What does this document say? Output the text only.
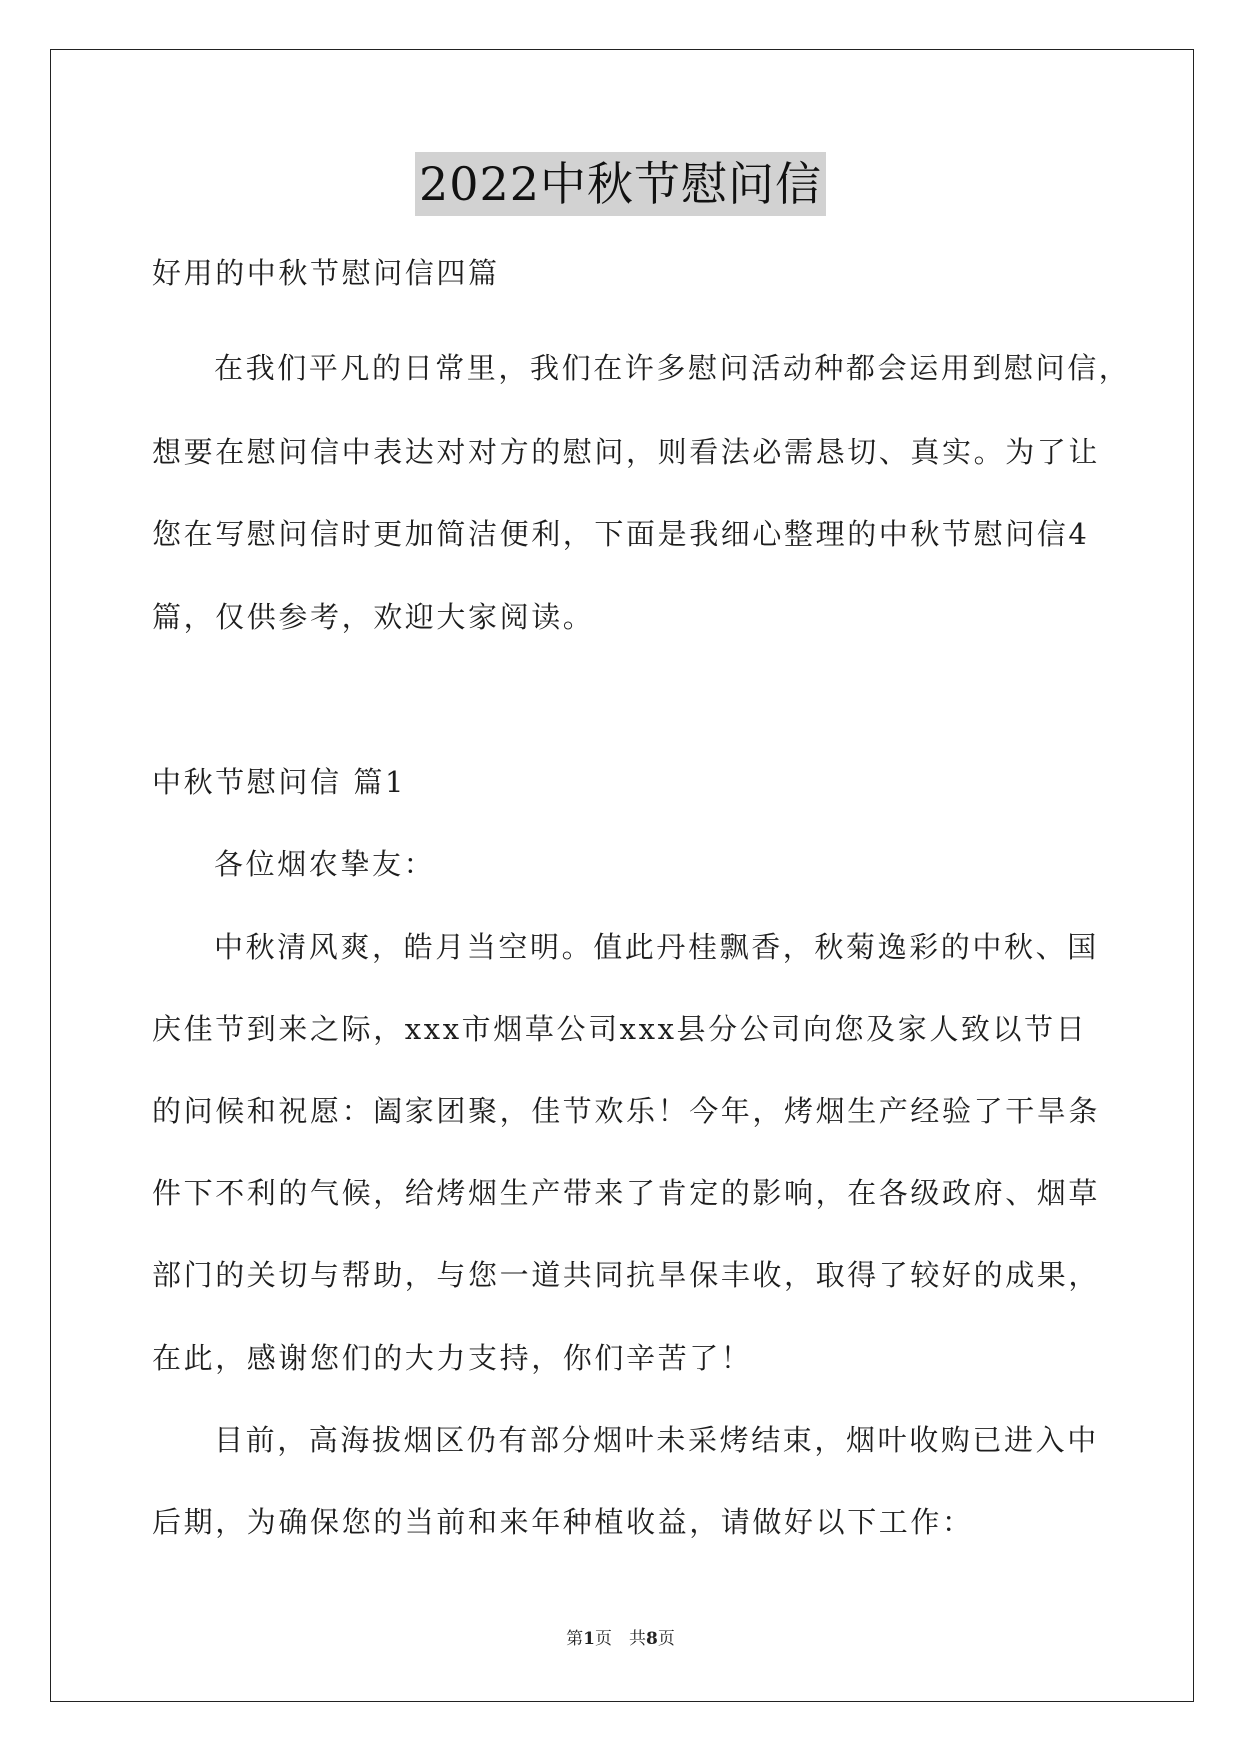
2022中秋节慰问信
好用的中秋节慰问信四篇
在我们平凡的日常里，我们在许多慰问活动种都会运用到慰问信，
想要在慰问信中表达对对方的慰问，则看法必需恳切、真实。为了让
您在写慰问信时更加简洁便利，下面是我细心整理的中秋节慰问信4
篇，仅供参考，欢迎大家阅读。
中秋节慰问信 篇1
各位烟农挚友：
中秋清风爽，皓月当空明。值此丹桂飘香，秋菊逸彩的中秋、国
庆佳节到来之际，xxx市烟草公司xxx县分公司向您及家人致以节日
的问候和祝愿：阖家团聚，佳节欢乐！今年，烤烟生产经验了干旱条
件下不利的气候，给烤烟生产带来了肯定的影响，在各级政府、烟草
部门的关切与帮助，与您一道共同抗旱保丰收，取得了较好的成果，
在此，感谢您们的大力支持，你们辛苦了！
目前，高海拔烟区仍有部分烟叶未采烤结束，烟叶收购已进入中
后期，为确保您的当前和来年种植收益，请做好以下工作：
第1页　共8页
